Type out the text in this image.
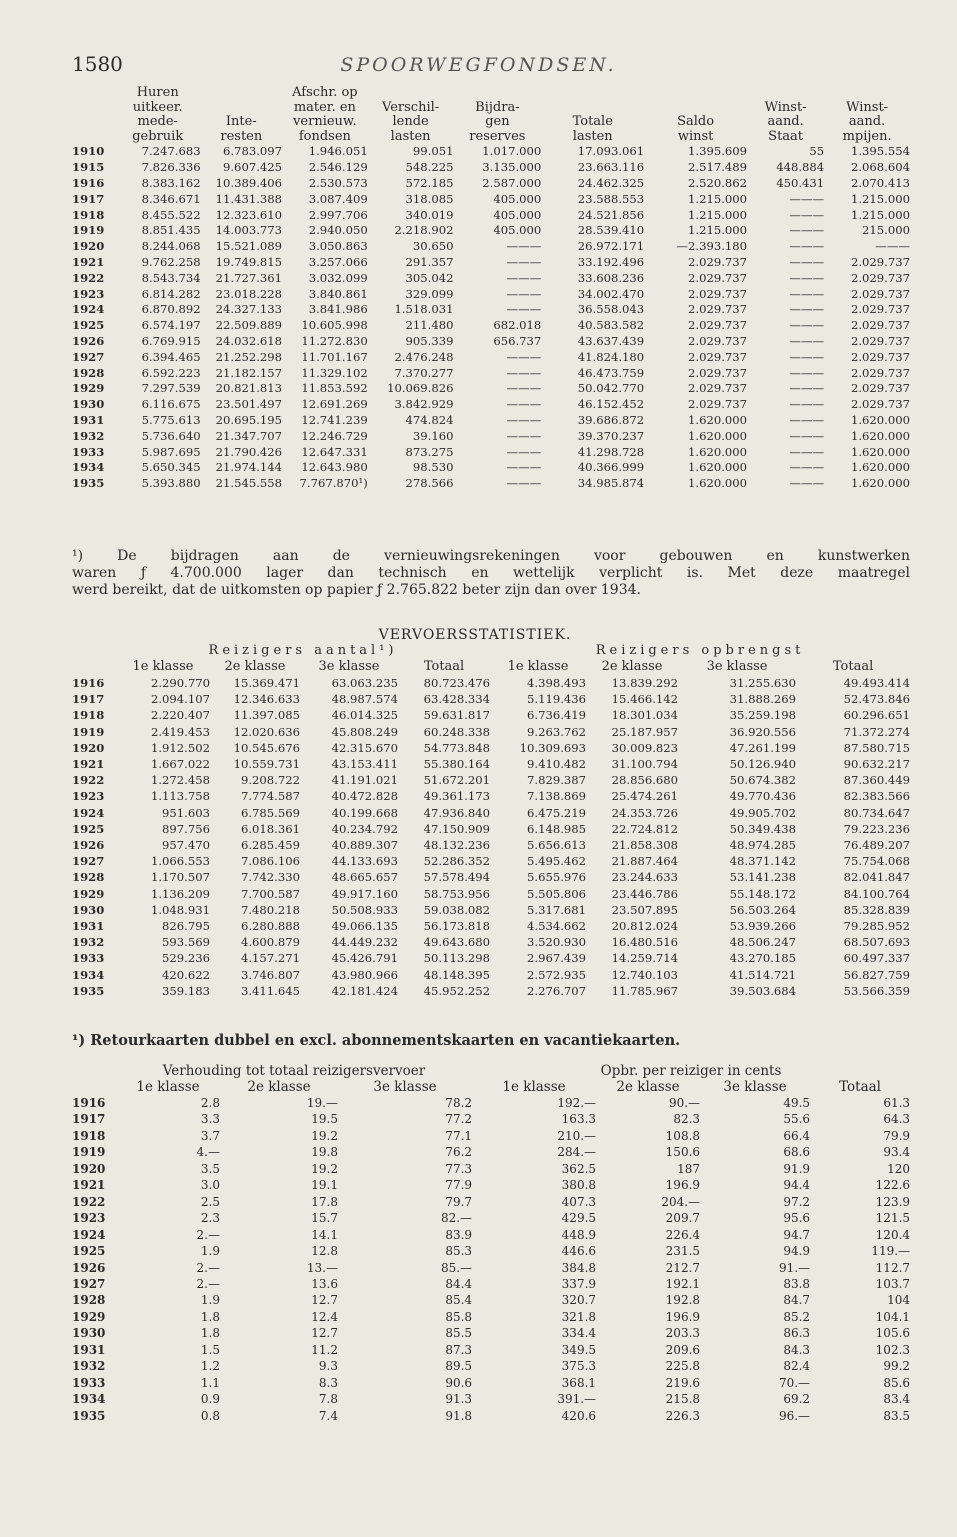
1580	SPOORWEGFONDSEN.
	Huren
uitkeer.
mede-
gebruik	Inte-
resten	Afschr. op
mater. en
vernieuw.
fondsen	Verschil-
lende
lasten	Bijdra-
gen
reserves	Totale
lasten	Saldo
winst	Winst-
aand.
Staat	Winst-
aand.
mpijen.
1910	7.247.683	6.783.097	1.946.051	99.051	1.017.000	17.093.061	1.395.609	55	1.395.554
1915	7.826.336	9.607.425	2.546.129	548.225	3.135.000	23.663.116	2.517.489	448.884	2.068.604
1916	8.383.162	10.389.406	2.530.573	572.185	2.587.000	24.462.325	2.520.862	450.431	2.070.413
1917	8.346.671	11.431.388	3.087.409	318.085	405.000	23.588.553	1.215.000	———	1.215.000
1918	8.455.522	12.323.610	2.997.706	340.019	405.000	24.521.856	1.215.000	———	1.215.000
1919	8.851.435	14.003.773	2.940.050	2.218.902	405.000	28.539.410	1.215.000	———	215.000
1920	8.244.068	15.521.089	3.050.863	30.650	———	26.972.171	—2.393.180	———	———
1921	9.762.258	19.749.815	3.257.066	291.357	———	33.192.496	2.029.737	———	2.029.737
1922	8.543.734	21.727.361	3.032.099	305.042	———	33.608.236	2.029.737	———	2.029.737
1923	6.814.282	23.018.228	3.840.861	329.099	———	34.002.470	2.029.737	———	2.029.737
1924	6.870.892	24.327.133	3.841.986	1.518.031	———	36.558.043	2.029.737	———	2.029.737
1925	6.574.197	22.509.889	10.605.998	211.480	682.018	40.583.582	2.029.737	———	2.029.737
1926	6.769.915	24.032.618	11.272.830	905.339	656.737	43.637.439	2.029.737	———	2.029.737
1927	6.394.465	21.252.298	11.701.167	2.476.248	———	41.824.180	2.029.737	———	2.029.737
1928	6.592.223	21.182.157	11.329.102	7.370.277	———	46.473.759	2.029.737	———	2.029.737
1929	7.297.539	20.821.813	11.853.592	10.069.826	———	50.042.770	2.029.737	———	2.029.737
1930	6.116.675	23.501.497	12.691.269	3.842.929	———	46.152.452	2.029.737	———	2.029.737
1931	5.775.613	20.695.195	12.741.239	474.824	———	39.686.872	1.620.000	———	1.620.000
1932	5.736.640	21.347.707	12.246.729	39.160	———	39.370.237	1.620.000	———	1.620.000
1933	5.987.695	21.790.426	12.647.331	873.275	———	41.298.728	1.620.000	———	1.620.000
1934	5.650.345	21.974.144	12.643.980	98.530	———	40.366.999	1.620.000	———	1.620.000
1935	5.393.880	21.545.558	7.767.870¹)	278.566	———	34.985.874	1.620.000	———	1.620.000
¹) De bijdragen aan de vernieuwingsrekeningen voor gebouwen en kunstwerken
waren ƒ 4.700.000 lager dan technisch en wettelijk verplicht is. Met deze maatregel
werd bereikt, dat de uitkomsten op papier ƒ 2.765.822 beter zijn dan over 1934.
VERVOERSSTATISTIEK.
	Reizigers aantal¹)				Reizigers opbrengst			
	1e klasse	2e klasse	3e klasse	Totaal	1e klasse	2e klasse	3e klasse	Totaal
1916	2.290.770	15.369.471	63.063.235	80.723.476	4.398.493	13.839.292	31.255.630	49.493.414
1917	2.094.107	12.346.633	48.987.574	63.428.334	5.119.436	15.466.142	31.888.269	52.473.846
1918	2.220.407	11.397.085	46.014.325	59.631.817	6.736.419	18.301.034	35.259.198	60.296.651
1919	2.419.453	12.020.636	45.808.249	60.248.338	9.263.762	25.187.957	36.920.556	71.372.274
1920	1.912.502	10.545.676	42.315.670	54.773.848	10.309.693	30.009.823	47.261.199	87.580.715
1921	1.667.022	10.559.731	43.153.411	55.380.164	9.410.482	31.100.794	50.126.940	90.632.217
1922	1.272.458	9.208.722	41.191.021	51.672.201	7.829.387	28.856.680	50.674.382	87.360.449
1923	1.113.758	7.774.587	40.472.828	49.361.173	7.138.869	25.474.261	49.770.436	82.383.566
1924	951.603	6.785.569	40.199.668	47.936.840	6.475.219	24.353.726	49.905.702	80.734.647
1925	897.756	6.018.361	40.234.792	47.150.909	6.148.985	22.724.812	50.349.438	79.223.236
1926	957.470	6.285.459	40.889.307	48.132.236	5.656.613	21.858.308	48.974.285	76.489.207
1927	1.066.553	7.086.106	44.133.693	52.286.352	5.495.462	21.887.464	48.371.142	75.754.068
1928	1.170.507	7.742.330	48.665.657	57.578.494	5.655.976	23.244.633	53.141.238	82.041.847
1929	1.136.209	7.700.587	49.917.160	58.753.956	5.505.806	23.446.786	55.148.172	84.100.764
1930	1.048.931	7.480.218	50.508.933	59.038.082	5.317.681	23.507.895	56.503.264	85.328.839
1931	826.795	6.280.888	49.066.135	56.173.818	4.534.662	20.812.024	53.939.266	79.285.952
1932	593.569	4.600.879	44.449.232	49.643.680	3.520.930	16.480.516	48.506.247	68.507.693
1933	529.236	4.157.271	45.426.791	50.113.298	2.967.439	14.259.714	43.270.185	60.497.337
1934	420.622	3.746.807	43.980.966	48.148.395	2.572.935	12.740.103	41.514.721	56.827.759
1935	359.183	3.411.645	42.181.424	45.952.252	2.276.707	11.785.967	39.503.684	53.566.359
¹) Retourkaarten dubbel en excl. abonnementskaarten en vacantiekaarten.
	Verhouding tot totaal reizigersvervoer			Opbr. per reiziger in cents			
	1e klasse	2e klasse	3e klasse	1e klasse	2e klasse	3e klasse	Totaal
1916	2.8	19.—	78.2	192.—	90.—	49.5	61.3
1917	3.3	19.5	77.2	163.3	82.3	55.6	64.3
1918	3.7	19.2	77.1	210.—	108.8	66.4	79.9
1919	4.—	19.8	76.2	284.—	150.6	68.6	93.4
1920	3.5	19.2	77.3	362.5	187	91.9	120
1921	3.0	19.1	77.9	380.8	196.9	94.4	122.6
1922	2.5	17.8	79.7	407.3	204.—	97.2	123.9
1923	2.3	15.7	82.—	429.5	209.7	95.6	121.5
1924	2.—	14.1	83.9	448.9	226.4	94.7	120.4
1925	1.9	12.8	85.3	446.6	231.5	94.9	119.—
1926	2.—	13.—	85.—	384.8	212.7	91.—	112.7
1927	2.—	13.6	84.4	337.9	192.1	83.8	103.7
1928	1.9	12.7	85.4	320.7	192.8	84.7	104
1929	1.8	12.4	85.8	321.8	196.9	85.2	104.1
1930	1.8	12.7	85.5	334.4	203.3	86.3	105.6
1931	1.5	11.2	87.3	349.5	209.6	84.3	102.3
1932	1.2	9.3	89.5	375.3	225.8	82.4	99.2
1933	1.1	8.3	90.6	368.1	219.6	70.—	85.6
1934	0.9	7.8	91.3	391.—	215.8	69.2	83.4
1935	0.8	7.4	91.8	420.6	226.3	96.—	83.5
